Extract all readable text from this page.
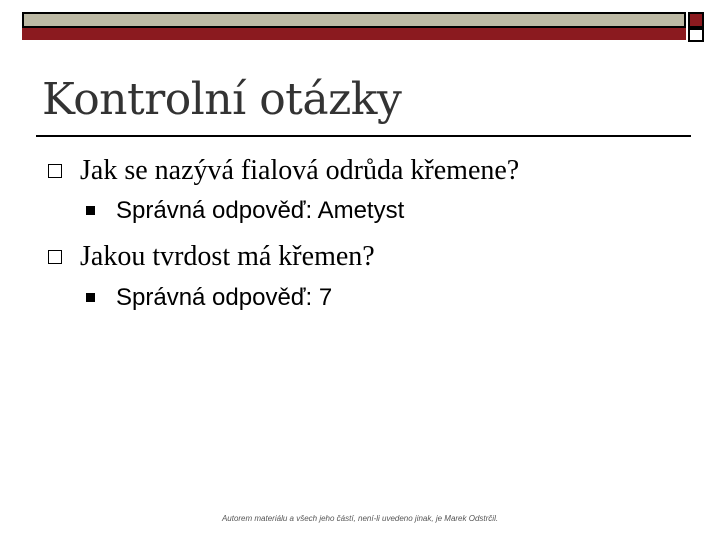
Kontrolní otázky
Jak se nazývá fialová odrůda křemene?
Správná odpověď: Ametyst
Jakou tvrdost má křemen?
Správná odpověď: 7
Autorem materiálu a všech jeho částí, není-li uvedeno jinak, je Marek Odstrčil.
